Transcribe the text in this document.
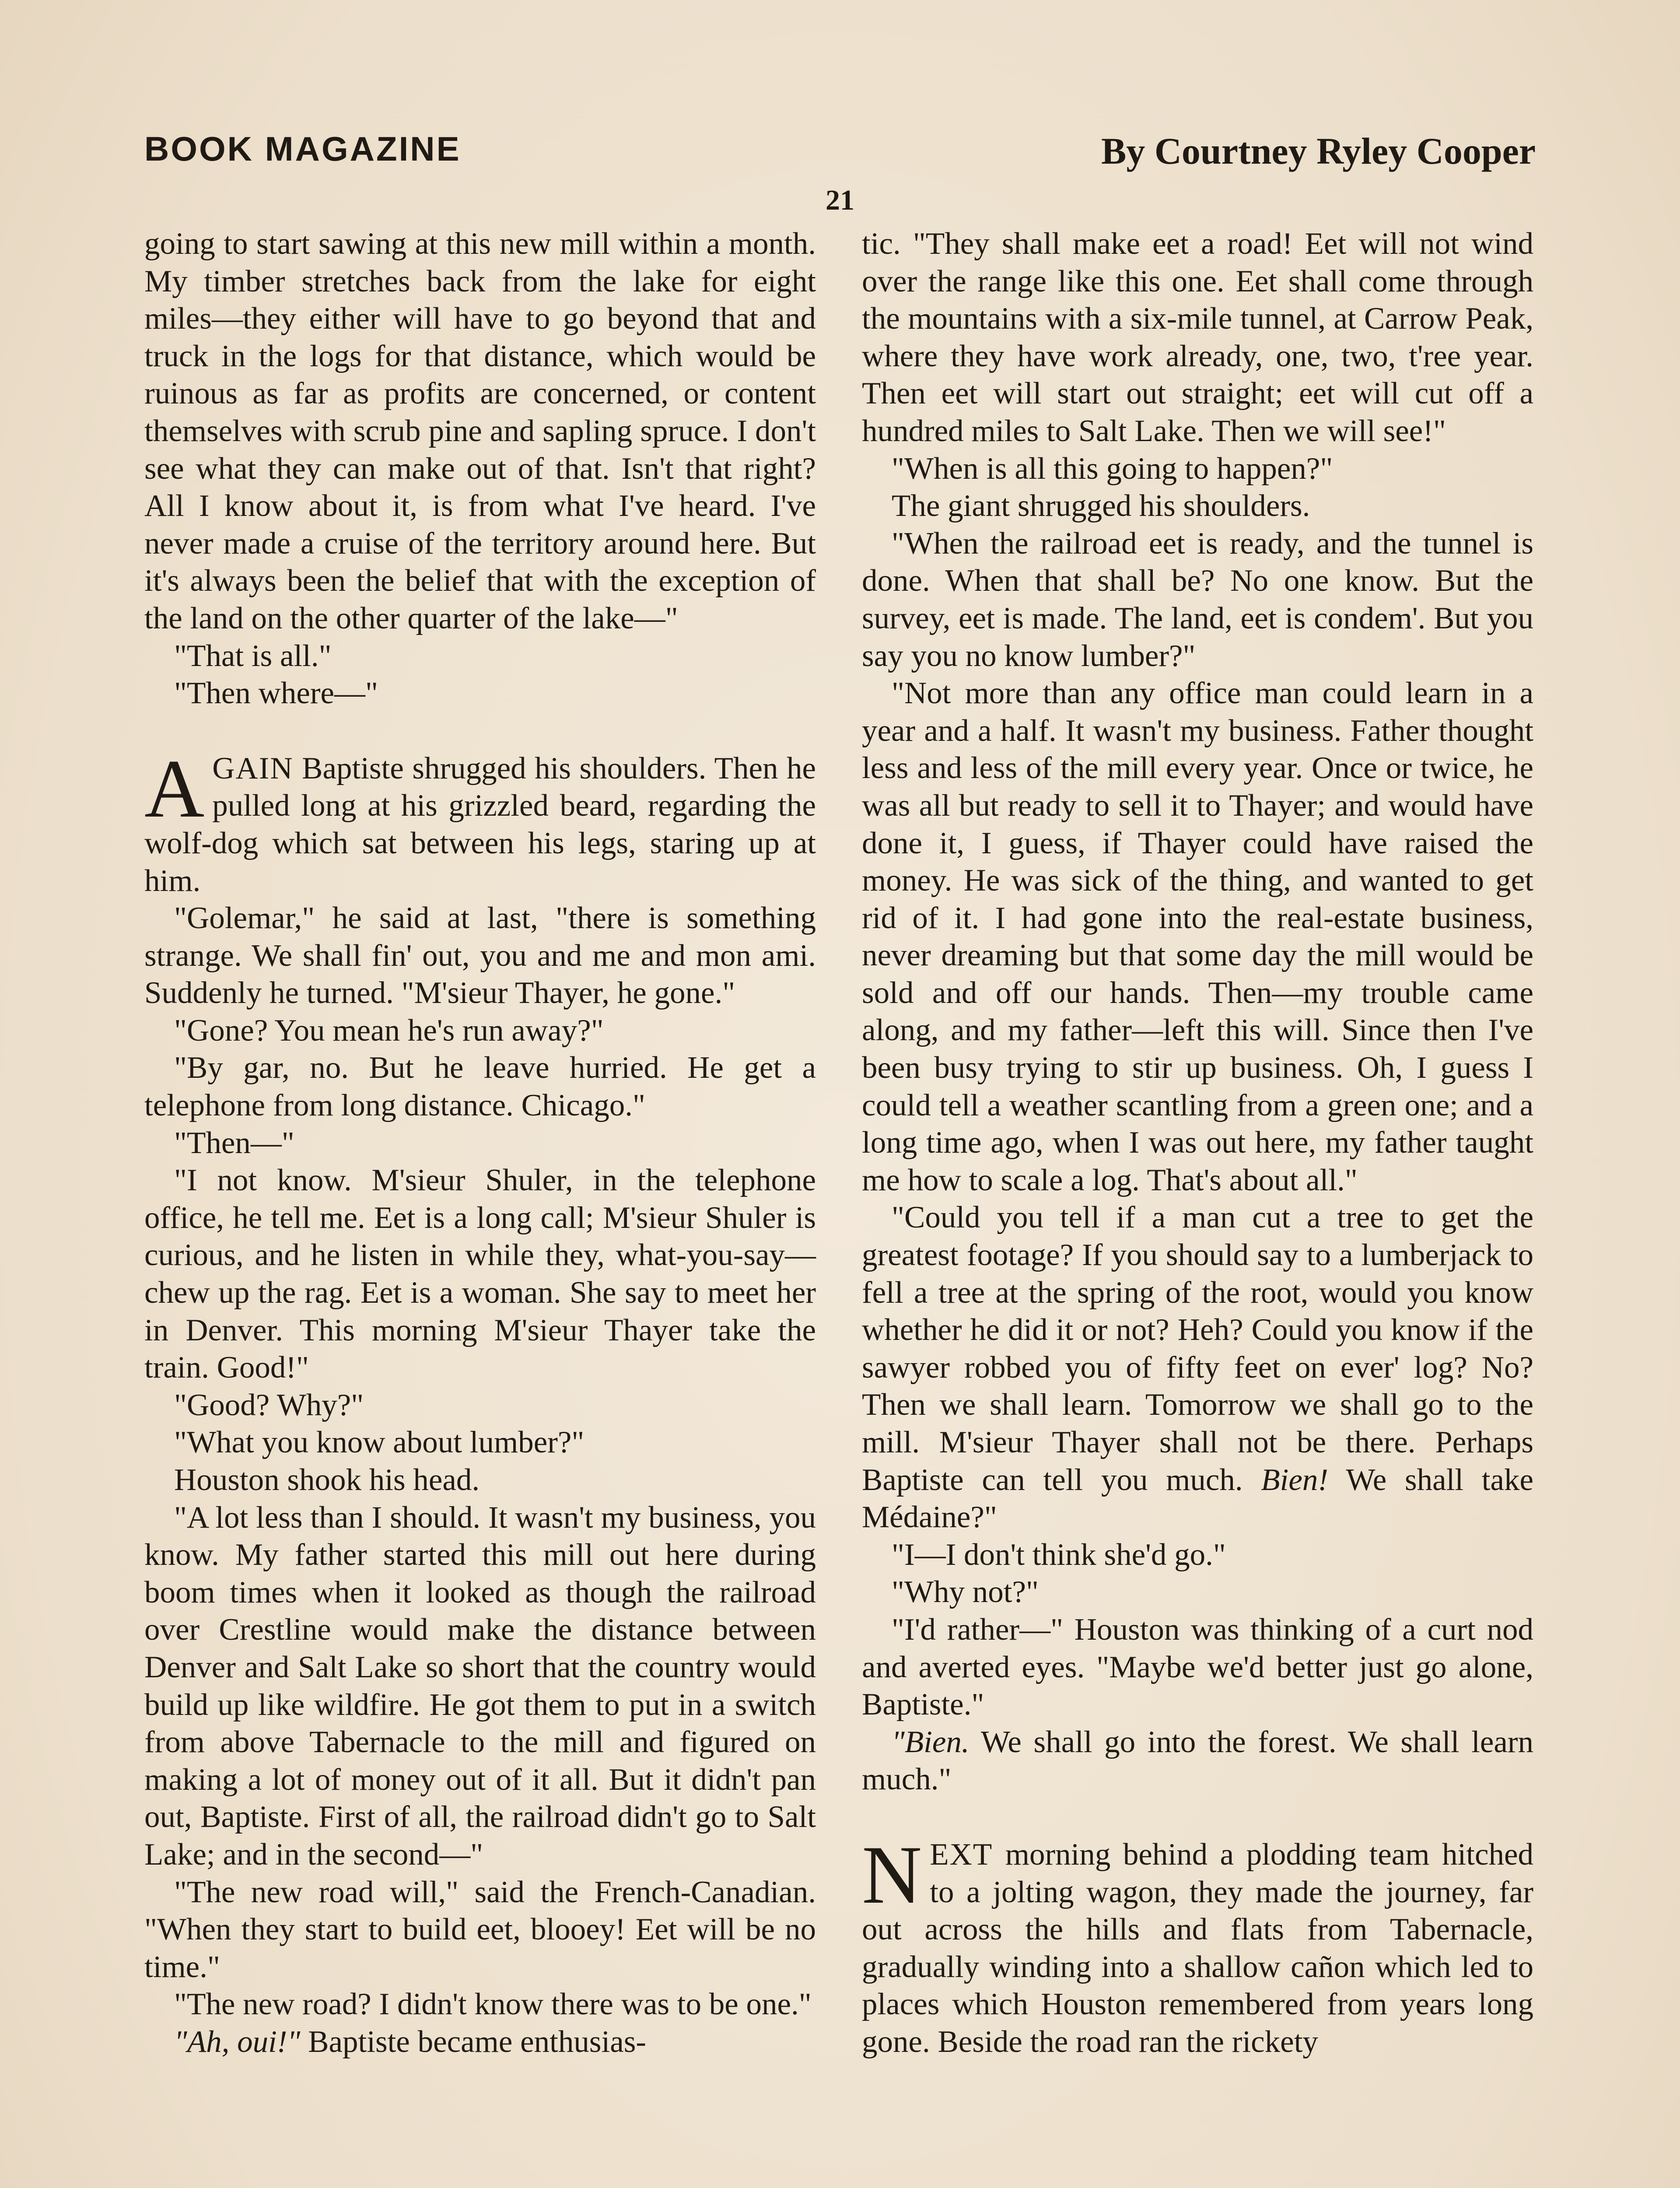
BOOK MAGAZINE	By Courtney Ryley Cooper
21

going to start sawing at this new mill within a month. My timber stretches back from the lake for eight miles—they either will have to go beyond that and truck in the logs for that distance, which would be ruinous as far as profits are concerned, or content themselves with scrub pine and sapling spruce. I don't see what they can make out of that. Isn't that right? All I know about it, is from what I've heard. I've never made a cruise of the territory around here. But it's always been the belief that with the exception of the land on the other quarter of the lake—"

"That is all."

"Then where—"

AGAIN Baptiste shrugged his shoulders. Then he pulled long at his grizzled beard, regarding the wolf-dog which sat between his legs, staring up at him.

"Golemar," he said at last, "there is something strange. We shall fin' out, you and me and mon ami. Suddenly he turned. "M'sieur Thayer, he gone."

"Gone? You mean he's run away?"

"By gar, no. But he leave hurried. He get a telephone from long distance. Chicago."

"Then—"

"I not know. M'sieur Shuler, in the telephone office, he tell me. Eet is a long call; M'sieur Shuler is curious, and he listen in while they, what-you-say—chew up the rag. Eet is a woman. She say to meet her in Denver. This morning M'sieur Thayer take the train. Good!"

"Good? Why?"

"What you know about lumber?"

Houston shook his head.

"A lot less than I should. It wasn't my business, you know. My father started this mill out here during boom times when it looked as though the railroad over Crestline would make the distance between Denver and Salt Lake so short that the country would build up like wildfire. He got them to put in a switch from above Tabernacle to the mill and figured on making a lot of money out of it all. But it didn't pan out, Baptiste. First of all, the railroad didn't go to Salt Lake; and in the second—"

"The new road will," said the French-Canadian. "When they start to build eet, blooey! Eet will be no time."

"The new road? I didn't know there was to be one."

"Ah, oui!" Baptiste became enthusias-

tic. "They shall make eet a road! Eet will not wind over the range like this one. Eet shall come through the mountains with a six-mile tunnel, at Carrow Peak, where they have work already, one, two, t'ree year. Then eet will start out straight; eet will cut off a hundred miles to Salt Lake. Then we will see!"

"When is all this going to happen?"

The giant shrugged his shoulders.

"When the railroad eet is ready, and the tunnel is done. When that shall be? No one know. But the survey, eet is made. The land, eet is condem'. But you say you no know lumber?"

"Not more than any office man could learn in a year and a half. It wasn't my business. Father thought less and less of the mill every year. Once or twice, he was all but ready to sell it to Thayer; and would have done it, I guess, if Thayer could have raised the money. He was sick of the thing, and wanted to get rid of it. I had gone into the real-estate business, never dreaming but that some day the mill would be sold and off our hands. Then—my trouble came along, and my father—left this will. Since then I've been busy trying to stir up business. Oh, I guess I could tell a weather scantling from a green one; and a long time ago, when I was out here, my father taught me how to scale a log. That's about all."

"Could you tell if a man cut a tree to get the greatest footage? If you should say to a lumberjack to fell a tree at the spring of the root, would you know whether he did it or not? Heh? Could you know if the sawyer robbed you of fifty feet on ever' log? No? Then we shall learn. Tomorrow we shall go to the mill. M'sieur Thayer shall not be there. Perhaps Baptiste can tell you much. Bien! We shall take Médaine?"

"I—I don't think she'd go."

"Why not?"

"I'd rather—" Houston was thinking of a curt nod and averted eyes. "Maybe we'd better just go alone, Baptiste."

"Bien. We shall go into the forest. We shall learn much."

NEXT morning behind a plodding team hitched to a jolting wagon, they made the journey, far out across the hills and flats from Tabernacle, gradually winding into a shallow cañon which led to places which Houston remembered from years long gone. Beside the road ran the rickety
